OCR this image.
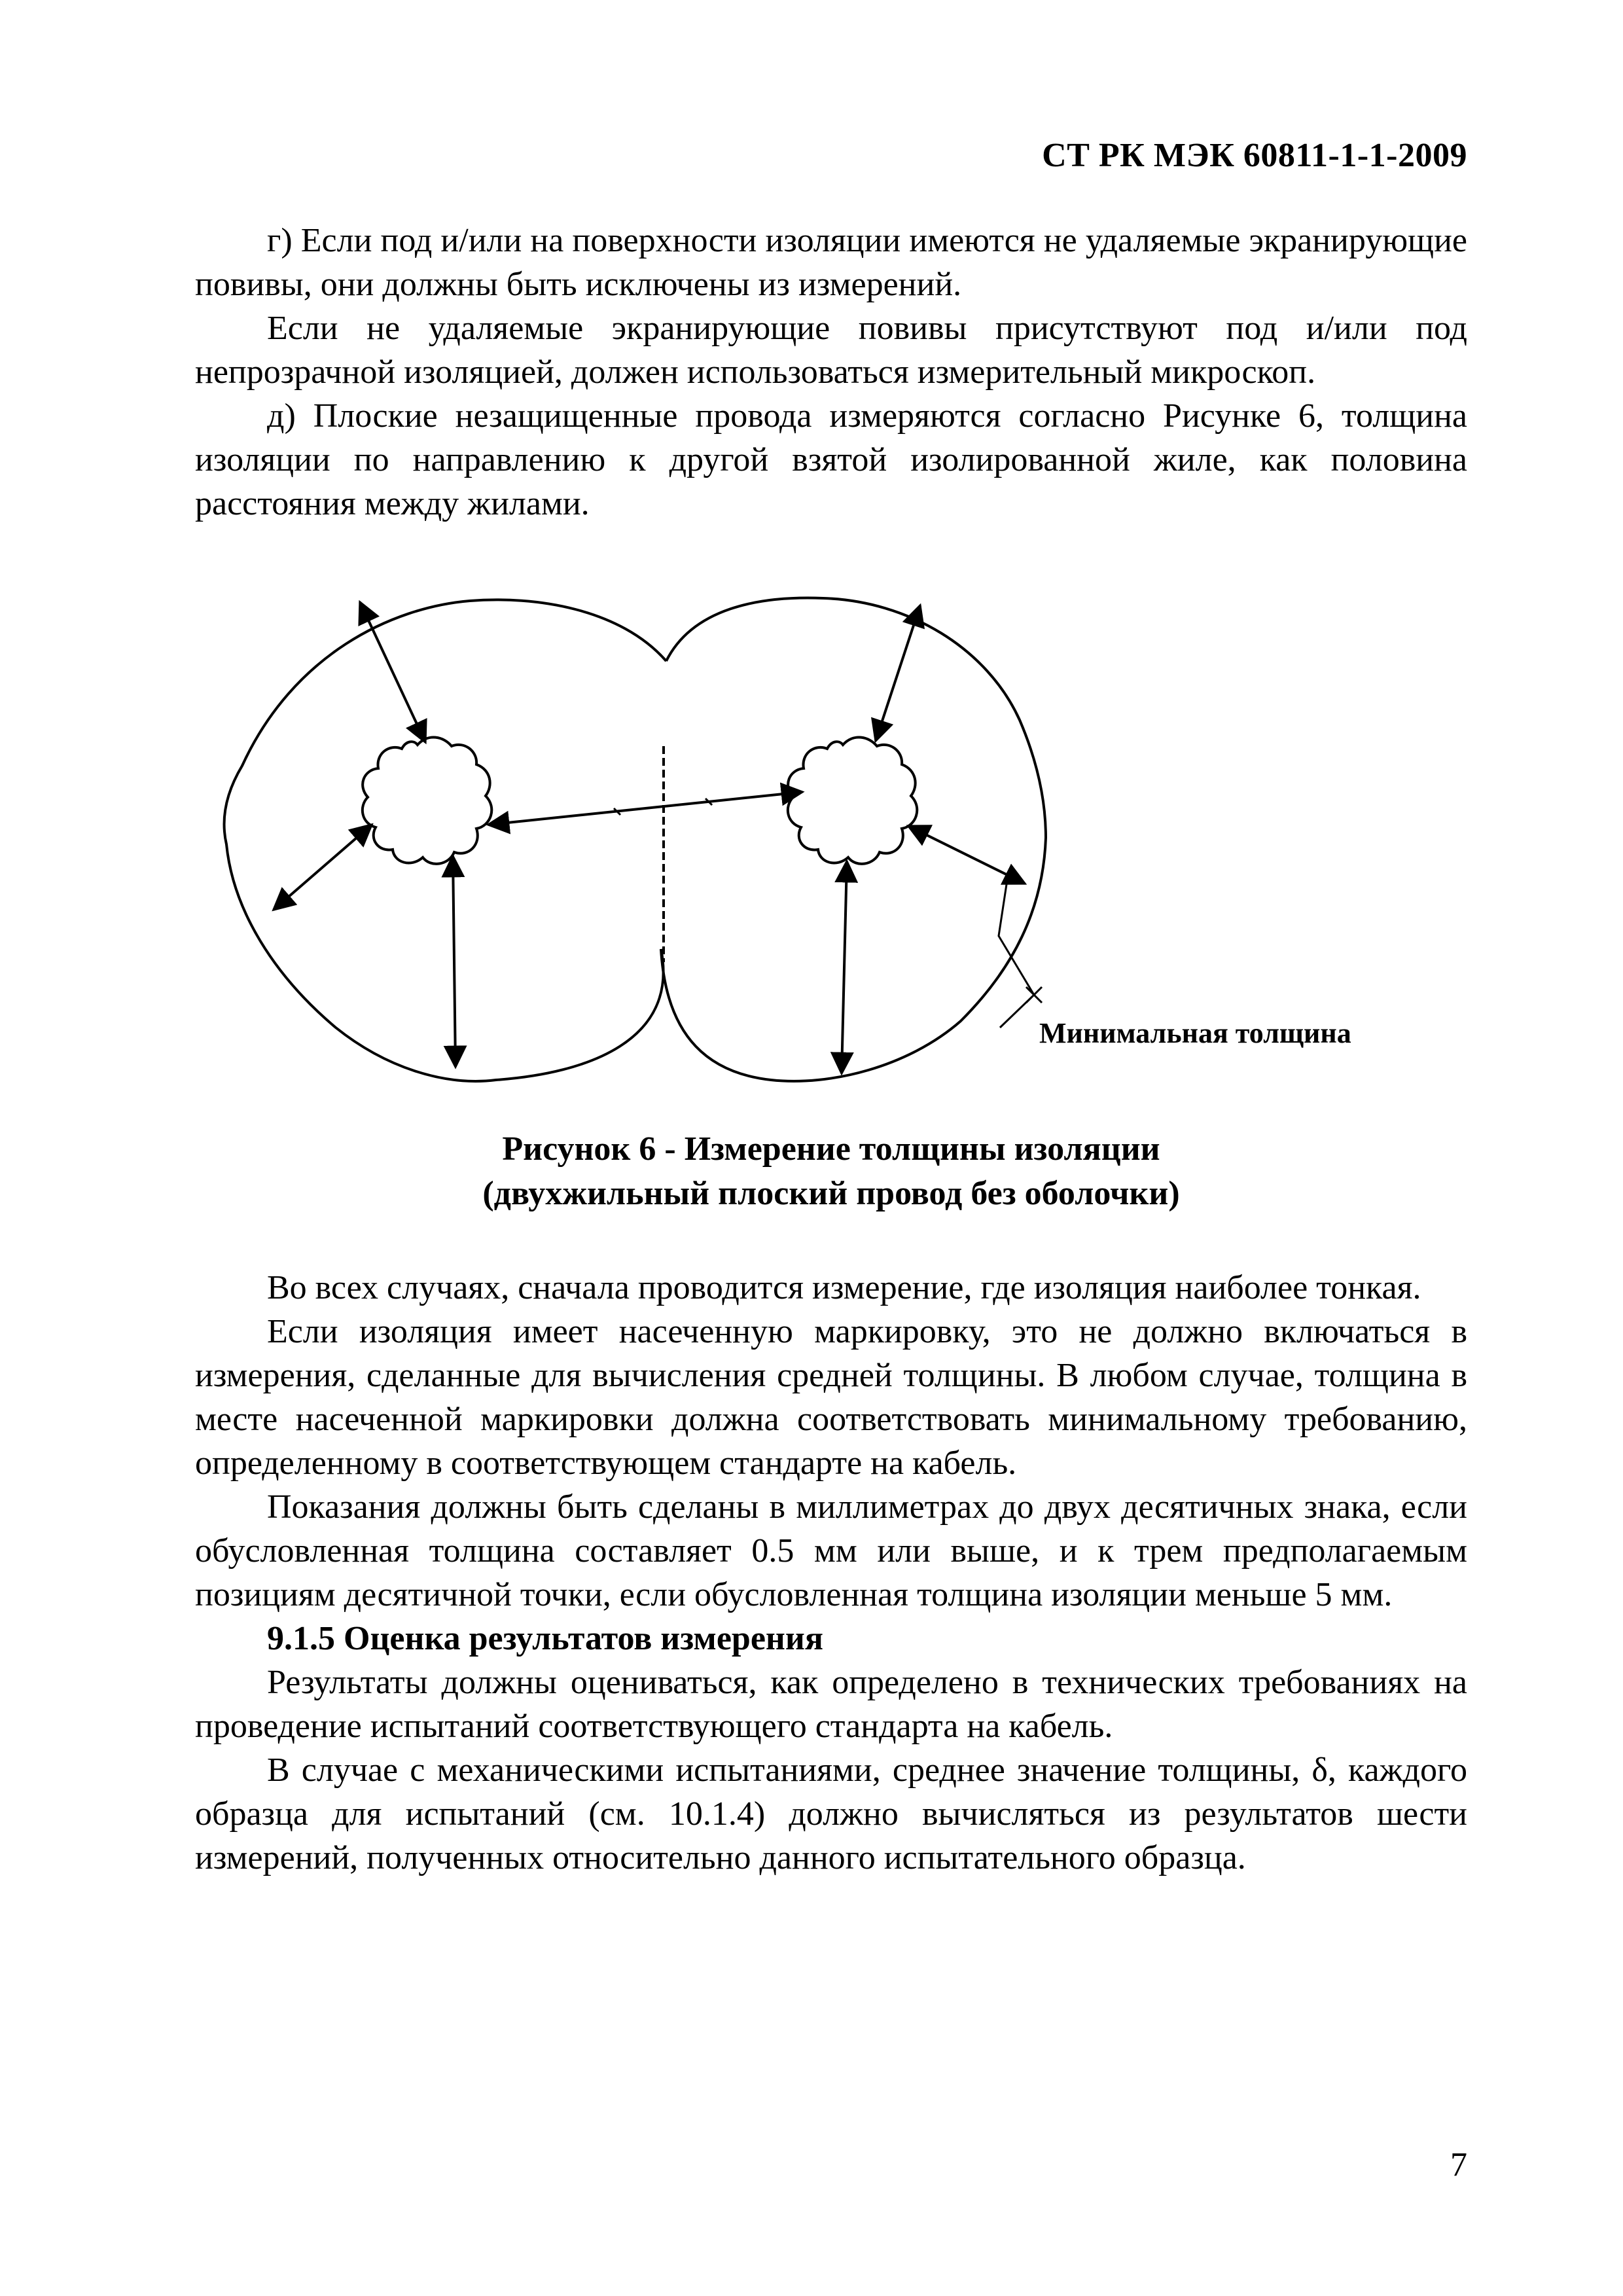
СТ РК МЭК 60811-1-1-2009

г) Если под и/или на поверхности изоляции имеются не удаляемые экранирующие повивы, они должны быть исключены из измерений.

Если не удаляемые экранирующие повивы присутствуют под и/или под непрозрачной изоляцией, должен использоваться измерительный микроскоп.

д) Плоские незащищенные провода измеряются согласно Рисунке 6, толщина изоляции по направлению к другой взятой изолированной жиле, как половина расстояния между жилами.

Минимальная толщина
Рисунок 6 - Измерение толщины изоляции
(двухжильный плоский провод без оболочки)

Во всех случаях, сначала проводится измерение, где изоляция наиболее тонкая.

Если изоляция имеет насеченную маркировку, это не должно включаться в измерения, сделанные для вычисления средней толщины. В любом случае, толщина в месте насеченной маркировки должна соответствовать минимальному требованию, определенному в соответствующем стандарте на кабель.

Показания должны быть сделаны в миллиметрах до двух десятичных знака, если обусловленная толщина составляет 0.5 мм или выше, и к трем предполагаемым позициям десятичной точки, если обусловленная толщина изоляции меньше 5 мм.

9.1.5 Оценка результатов измерения

Результаты должны оцениваться, как определено в технических требованиях на проведение испытаний соответствующего стандарта на кабель.

В случае с механическими испытаниями, среднее значение толщины, δ, каждого образца для испытаний (см. 10.1.4) должно вычисляться из результатов шести измерений, полученных относительно данного испытательного образца.

7
